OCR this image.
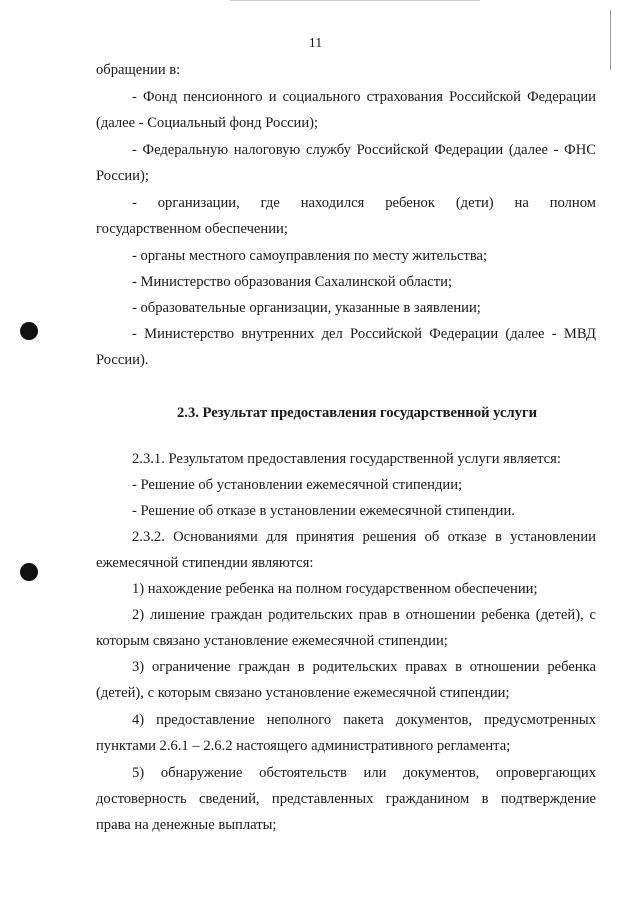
11
обращении в:
- Фонд пенсионного и социального страхования Российской Федерации
(далее - Социальный фонд России);
- Федеральную налоговую службу Российской Федерации (далее - ФНС
России);
- организации, где находился ребенок (дети) на полном
государственном обеспечении;
- органы местного самоуправления по месту жительства;
- Министерство образования Сахалинской области;
- образовательные организации, указанные в заявлении;
- Министерство внутренних дел Российской Федерации (далее - МВД
России).
2.3. Результат предоставления государственной услуги
2.3.1. Результатом предоставления государственной услуги является:
- Решение об установлении ежемесячной стипендии;
- Решение об отказе в установлении ежемесячной стипендии.
2.3.2. Основаниями для принятия решения об отказе в установлении
ежемесячной стипендии являются:
1) нахождение ребенка на полном государственном обеспечении;
2) лишение граждан родительских прав в отношении ребенка (детей), с
которым связано установление ежемесячной стипендии;
3) ограничение граждан в родительских правах в отношении ребенка
(детей), с которым связано установление ежемесячной стипендии;
4) предоставление неполного пакета документов, предусмотренных
пунктами 2.6.1 – 2.6.2 настоящего административного регламента;
5) обнаружение обстоятельств или документов, опровергающих
достоверность сведений, представленных гражданином в подтверждение
права на денежные выплаты;
